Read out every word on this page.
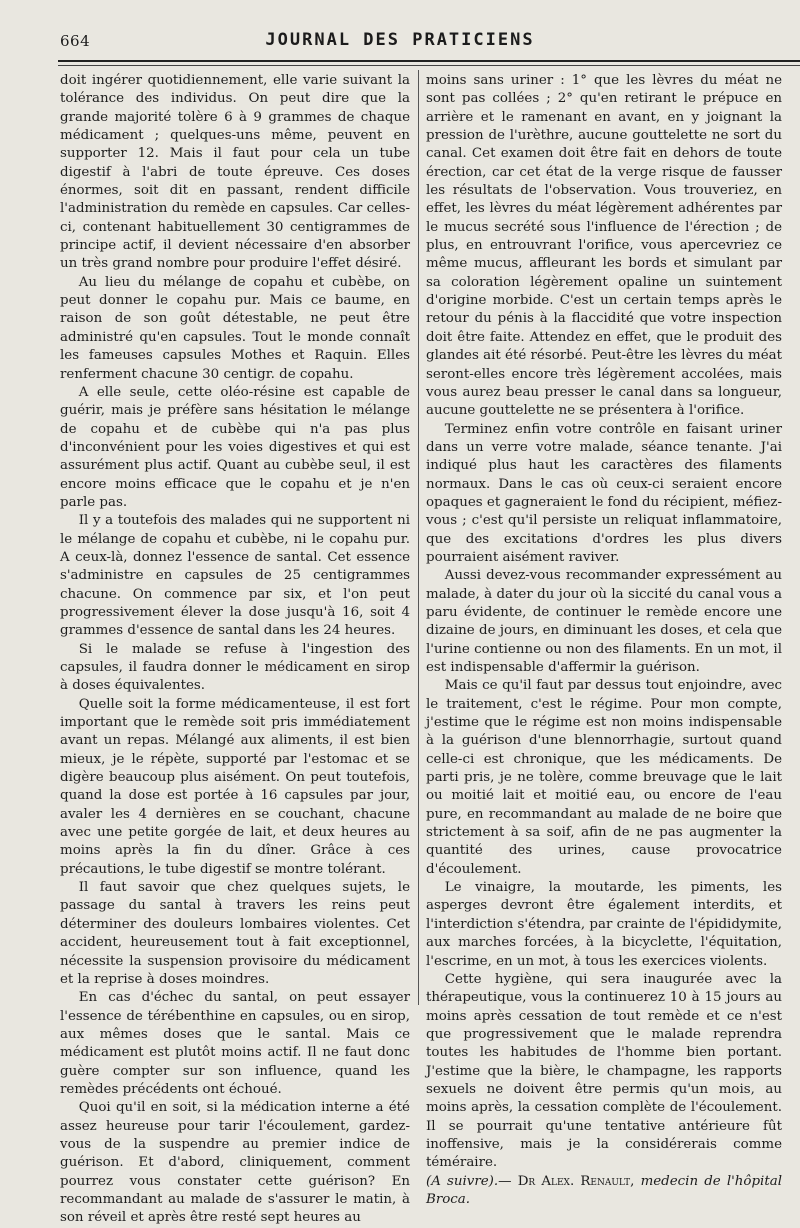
664	JOURNAL DES PRATICIENS

doit ingérer quotidiennement, elle varie suivant la tolérance des individus. On peut dire que la grande majorité tolère 6 à 9 grammes de chaque médicament ; quelques-uns même, peuvent en supporter 12. Mais il faut pour cela un tube digestif à l'abri de toute épreuve. Ces doses énormes, soit dit en passant, rendent difficile l'administration du remède en capsules. Car celles-ci, contenant habituellement 30 centigrammes de principe actif, il devient nécessaire d'en absorber un très grand nombre pour produire l'effet désiré.

Au lieu du mélange de copahu et cubèbe, on peut donner le copahu pur. Mais ce baume, en raison de son goût détestable, ne peut être administré qu'en capsules. Tout le monde connaît les fameuses capsules Mothes et Raquin. Elles renferment chacune 30 centigr. de copahu.

A elle seule, cette oléo-résine est capable de guérir, mais je préfère sans hésitation le mélange de copahu et de cubèbe qui n'a pas plus d'inconvénient pour les voies digestives et qui est assurément plus actif. Quant au cubèbe seul, il est encore moins efficace que le copahu et je n'en parle pas.

Il y a toutefois des malades qui ne supportent ni le mélange de copahu et cubèbe, ni le copahu pur. A ceux-là, donnez l'essence de santal. Cet essence s'administre en capsules de 25 centigrammes chacune. On commence par six, et l'on peut progressivement élever la dose jusqu'à 16, soit 4 grammes d'essence de santal dans les 24 heures.

Si le malade se refuse à l'ingestion des capsules, il faudra donner le médicament en sirop à doses équivalentes.

Quelle soit la forme médicamenteuse, il est fort important que le remède soit pris immédiatement avant un repas. Mélangé aux aliments, il est bien mieux, je le répète, supporté par l'estomac et se digère beaucoup plus aisément. On peut toutefois, quand la dose est portée à 16 capsules par jour, avaler les 4 dernières en se couchant, chacune avec une petite gorgée de lait, et deux heures au moins après la fin du dîner. Grâce à ces précautions, le tube digestif se montre tolérant.

Il faut savoir que chez quelques sujets, le passage du santal à travers les reins peut déterminer des douleurs lombaires violentes. Cet accident, heureusement tout à fait exceptionnel, nécessite la suspension provisoire du médicament et la reprise à doses moindres.

En cas d'échec du santal, on peut essayer l'essence de térébenthine en capsules, ou en sirop, aux mêmes doses que le santal. Mais ce médicament est plutôt moins actif. Il ne faut donc guère compter sur son influence, quand les remèdes précédents ont échoué.

Quoi qu'il en soit, si la médication interne a été assez heureuse pour tarir l'écoulement, gardez-vous de la suspendre au premier indice de guérison. Et d'abord, cliniquement, comment pourrez vous constater cette guérison? En recommandant au malade de s'assurer le matin, à son réveil et après être resté sept heures au

moins sans uriner : 1° que les lèvres du méat ne sont pas collées ; 2° qu'en retirant le prépuce en arrière et le ramenant en avant, en y joignant la pression de l'urèthre, aucune gouttelette ne sort du canal. Cet examen doit être fait en dehors de toute érection, car cet état de la verge risque de fausser les résultats de l'observation. Vous trouveriez, en effet, les lèvres du méat légèrement adhérentes par le mucus secrété sous l'influence de l'érection ; de plus, en entrouvrant l'orifice, vous apercevriez ce même mucus, affleurant les bords et simulant par sa coloration légèrement opaline un suintement d'origine morbide. C'est un certain temps après le retour du pénis à la flaccidité que votre inspection doit être faite. Attendez en effet, que le produit des glandes ait été résorbé. Peut-être les lèvres du méat seront-elles encore très légèrement accolées, mais vous aurez beau presser le canal dans sa longueur, aucune gouttelette ne se présentera à l'orifice.

Terminez enfin votre contrôle en faisant uriner dans un verre votre malade, séance tenante. J'ai indiqué plus haut les caractères des filaments normaux. Dans le cas où ceux-ci seraient encore opaques et gagneraient le fond du récipient, méfiez-vous ; c'est qu'il persiste un reliquat inflammatoire, que des excitations d'ordres les plus divers pourraient aisément raviver.

Aussi devez-vous recommander expressément au malade, à dater du jour où la siccité du canal vous a paru évidente, de continuer le remède encore une dizaine de jours, en diminuant les doses, et cela que l'urine contienne ou non des filaments. En un mot, il est indispensable d'affermir la guérison.

Mais ce qu'il faut par dessus tout enjoindre, avec le traitement, c'est le régime. Pour mon compte, j'estime que le régime est non moins indispensable à la guérison d'une blennorrhagie, surtout quand celle-ci est chronique, que les médicaments. De parti pris, je ne tolère, comme breuvage que le lait ou moitié lait et moitié eau, ou encore de l'eau pure, en recommandant au malade de ne boire que strictement à sa soif, afin de ne pas augmenter la quantité des urines, cause provocatrice d'écoulement.

Le vinaigre, la moutarde, les piments, les asperges devront être également interdits, et l'interdiction s'étendra, par crainte de l'épididymite, aux marches forcées, à la bicyclette, l'équitation, l'escrime, en un mot, à tous les exercices violents.

Cette hygiène, qui sera inaugurée avec la thérapeutique, vous la continuerez 10 à 15 jours au moins après cessation de tout remède et ce n'est que progressivement que le malade reprendra toutes les habitudes de l'homme bien portant. J'estime que la bière, le champagne, les rapports sexuels ne doivent être permis qu'un mois, au moins après, la cessation complète de l'écoulement. Il se pourrait qu'une tentative antérieure fût inoffensive, mais je la considérerais comme téméraire.

(A suivre).— Dr Alex. Renault, medecin de l'hôpital Broca.
